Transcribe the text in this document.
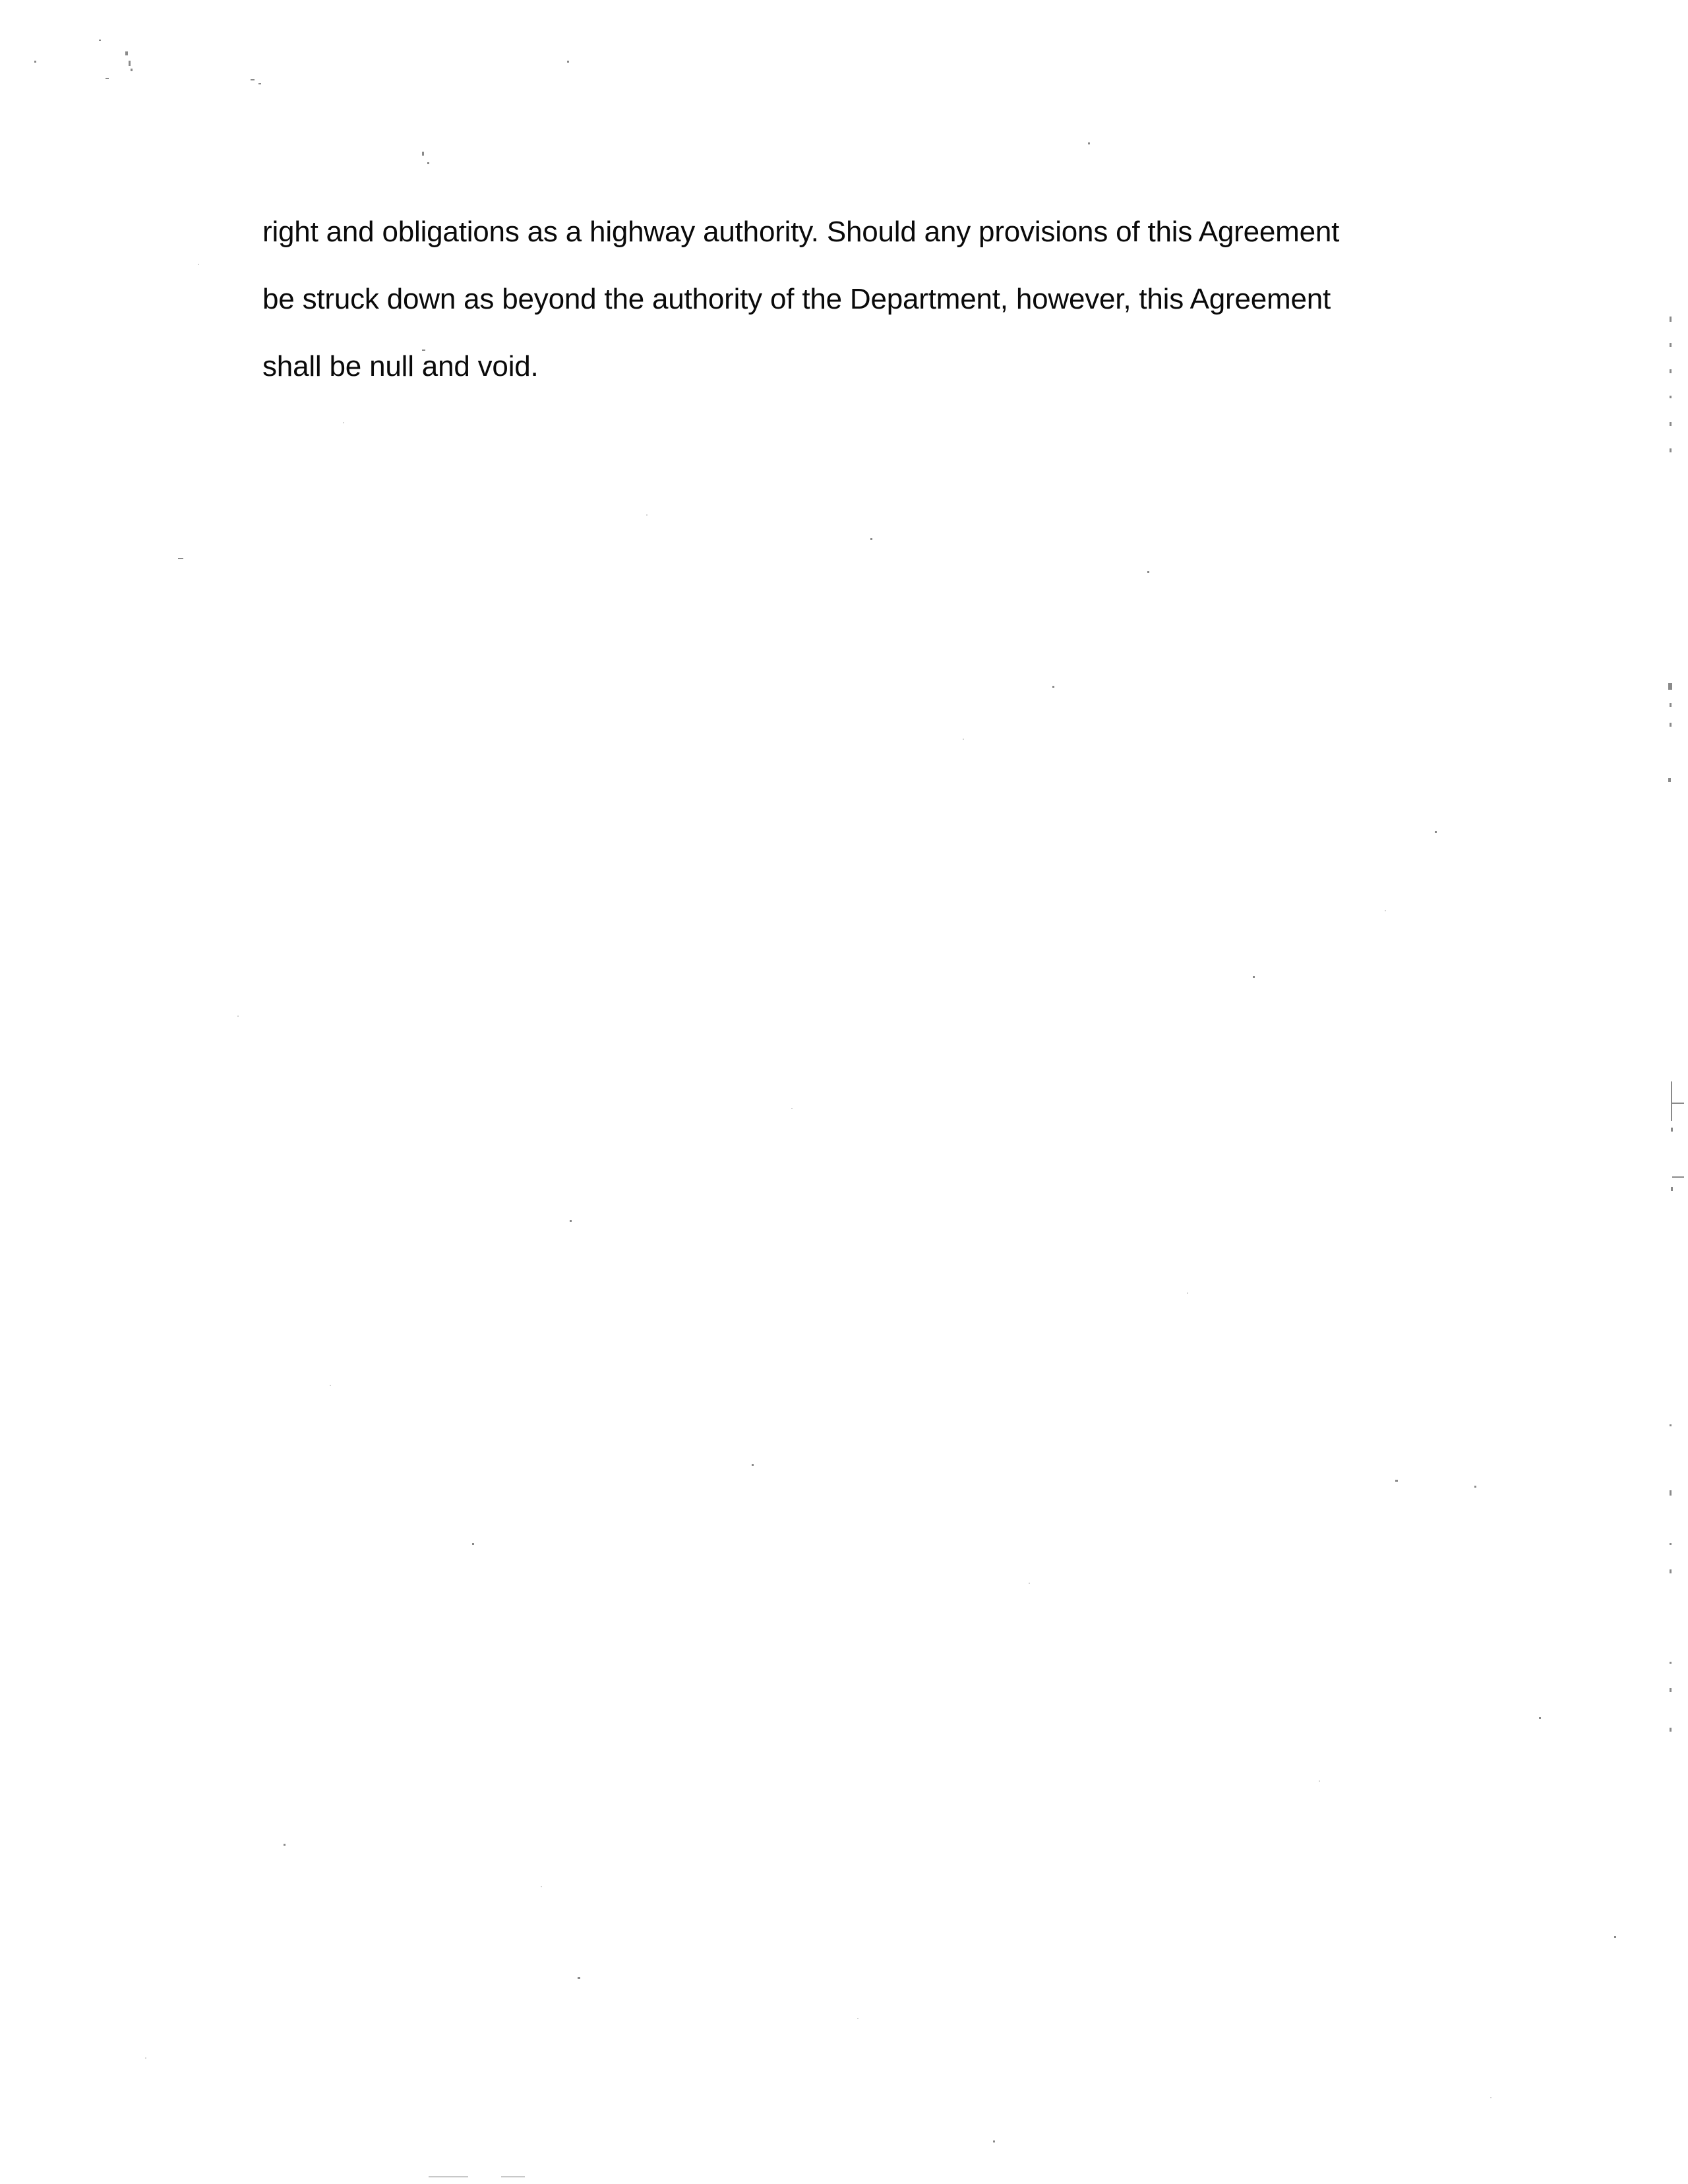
right and obligations as a highway authority. Should any provisions of this Agreement
be struck down as beyond the authority of the Department, however, this Agreement
shall be null and void.
